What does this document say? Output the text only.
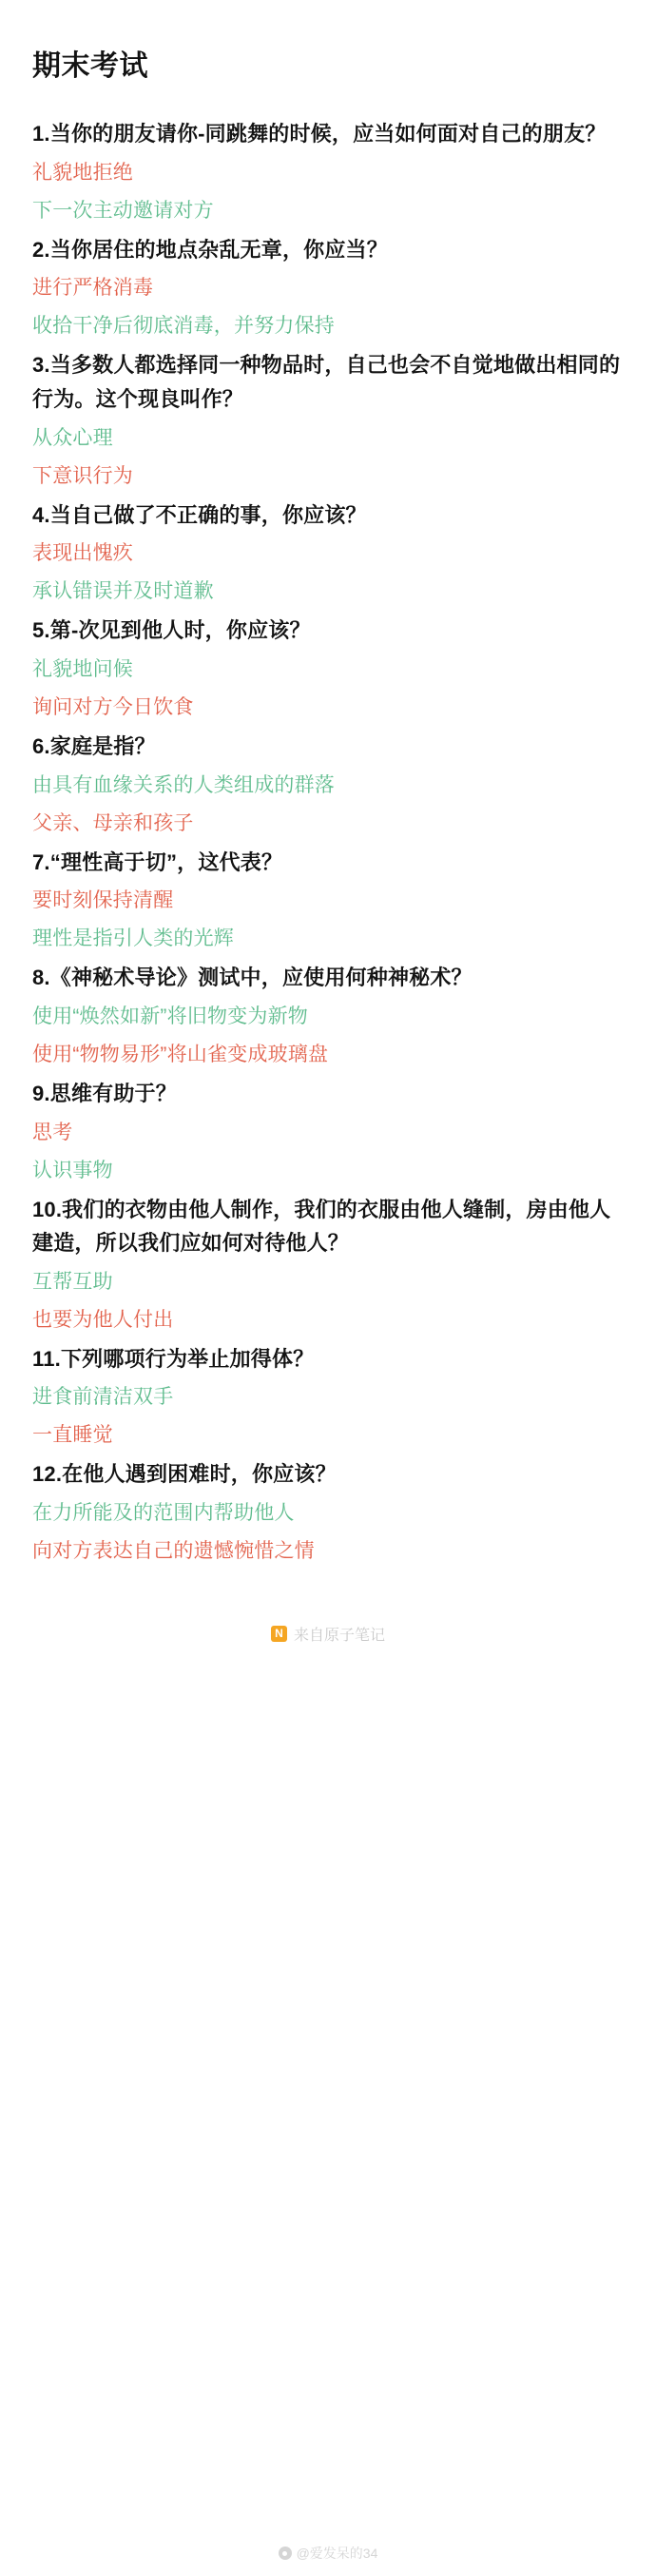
期末考试

1.当你的朋友请你-同跳舞的时候，应当如何面对自己的朋友？

礼貌地拒绝

下一次主动邀请对方

2.当你居住的地点杂乱无章，你应当？

进行严格消毒

收拾干净后彻底消毒，并努力保持

3.当多数人都选择同一种物品时，自己也会不自觉地做出相同的行为。这个现良叫作？

从众心理

下意识行为

4.当自己做了不正确的事，你应该？

表现出愧疚

承认错误并及时道歉

5.第-次见到他人时，你应该？

礼貌地问候

询问对方今日饮食

6.家庭是指？

由具有血缘关系的人类组成的群落

父亲、母亲和孩子

7.“理性高于切”，这代表？

要时刻保持清醒

理性是指引人类的光辉

8.《神秘术导论》测试中，应使用何种神秘术？

使用“焕然如新”将旧物变为新物

使用“物物易形”将山雀变成玻璃盘

9.思维有助于？

思考

认识事物

10.我们的衣物由他人制作，我们的衣服由他人缝制，房由他人建造，所以我们应如何对待他人？

互帮互助

也要为他人付出

11.下列哪项行为举止加得体？

进食前清洁双手

一直睡觉

12.在他人遇到困难时，你应该？

在力所能及的范围内帮助他人

向对方表达自己的遗憾惋惜之情

N 来自原子笔记
@爱发呆的34
